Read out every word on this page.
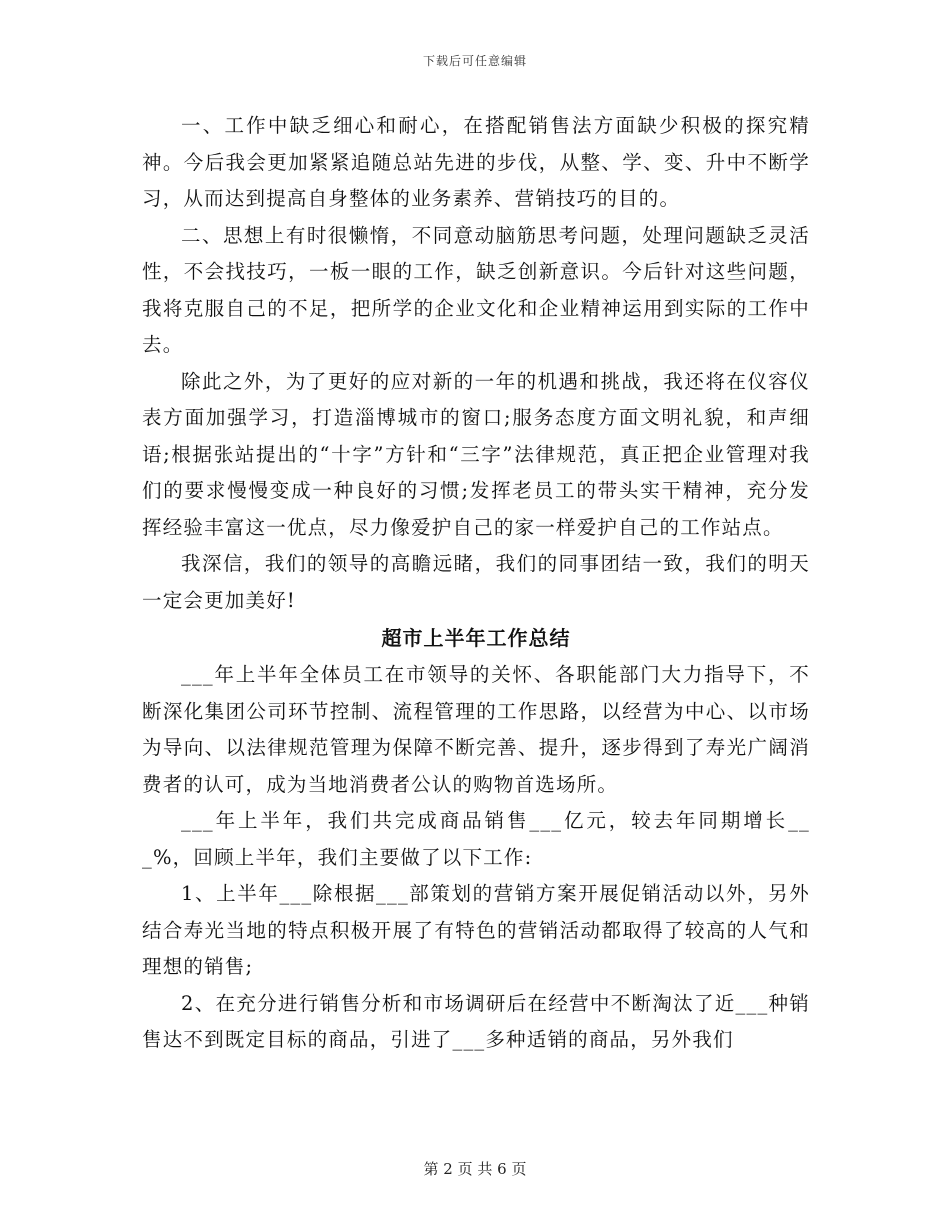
下载后可任意编辑

一、工作中缺乏细心和耐心，在搭配销售法方面缺少积极的探究精神。今后我会更加紧紧追随总站先进的步伐，从整、学、变、升中不断学习，从而达到提高自身整体的业务素养、营销技巧的目的。

二、思想上有时很懒惰，不同意动脑筋思考问题，处理问题缺乏灵活性，不会找技巧，一板一眼的工作，缺乏创新意识。今后针对这些问题，我将克服自己的不足，把所学的企业文化和企业精神运用到实际的工作中去。

除此之外，为了更好的应对新的一年的机遇和挑战，我还将在仪容仪表方面加强学习，打造淄博城市的窗口;服务态度方面文明礼貌，和声细语;根据张站提出的“十字”方针和“三字”法律规范，真正把企业管理对我们的要求慢慢变成一种良好的习惯;发挥老员工的带头实干精神，充分发挥经验丰富这一优点，尽力像爱护自己的家一样爱护自己的工作站点。

我深信，我们的领导的高瞻远睹，我们的同事团结一致，我们的明天一定会更加美好!

超市上半年工作总结

___年上半年全体员工在市领导的关怀、各职能部门大力指导下，不断深化集团公司环节控制、流程管理的工作思路，以经营为中心、以市场为导向、以法律规范管理为保障不断完善、提升，逐步得到了寿光广阔消费者的认可，成为当地消费者公认的购物首选场所。

___年上半年，我们共完成商品销售___亿元，较去年同期增长___%，回顾上半年，我们主要做了以下工作:

1、上半年___除根据___部策划的营销方案开展促销活动以外，另外结合寿光当地的特点积极开展了有特色的营销活动都取得了较高的人气和理想的销售;

2、在充分进行销售分析和市场调研后在经营中不断淘汰了近___种销售达不到既定目标的商品，引进了___多种适销的商品，另外我们

第 2 页 共 6 页
